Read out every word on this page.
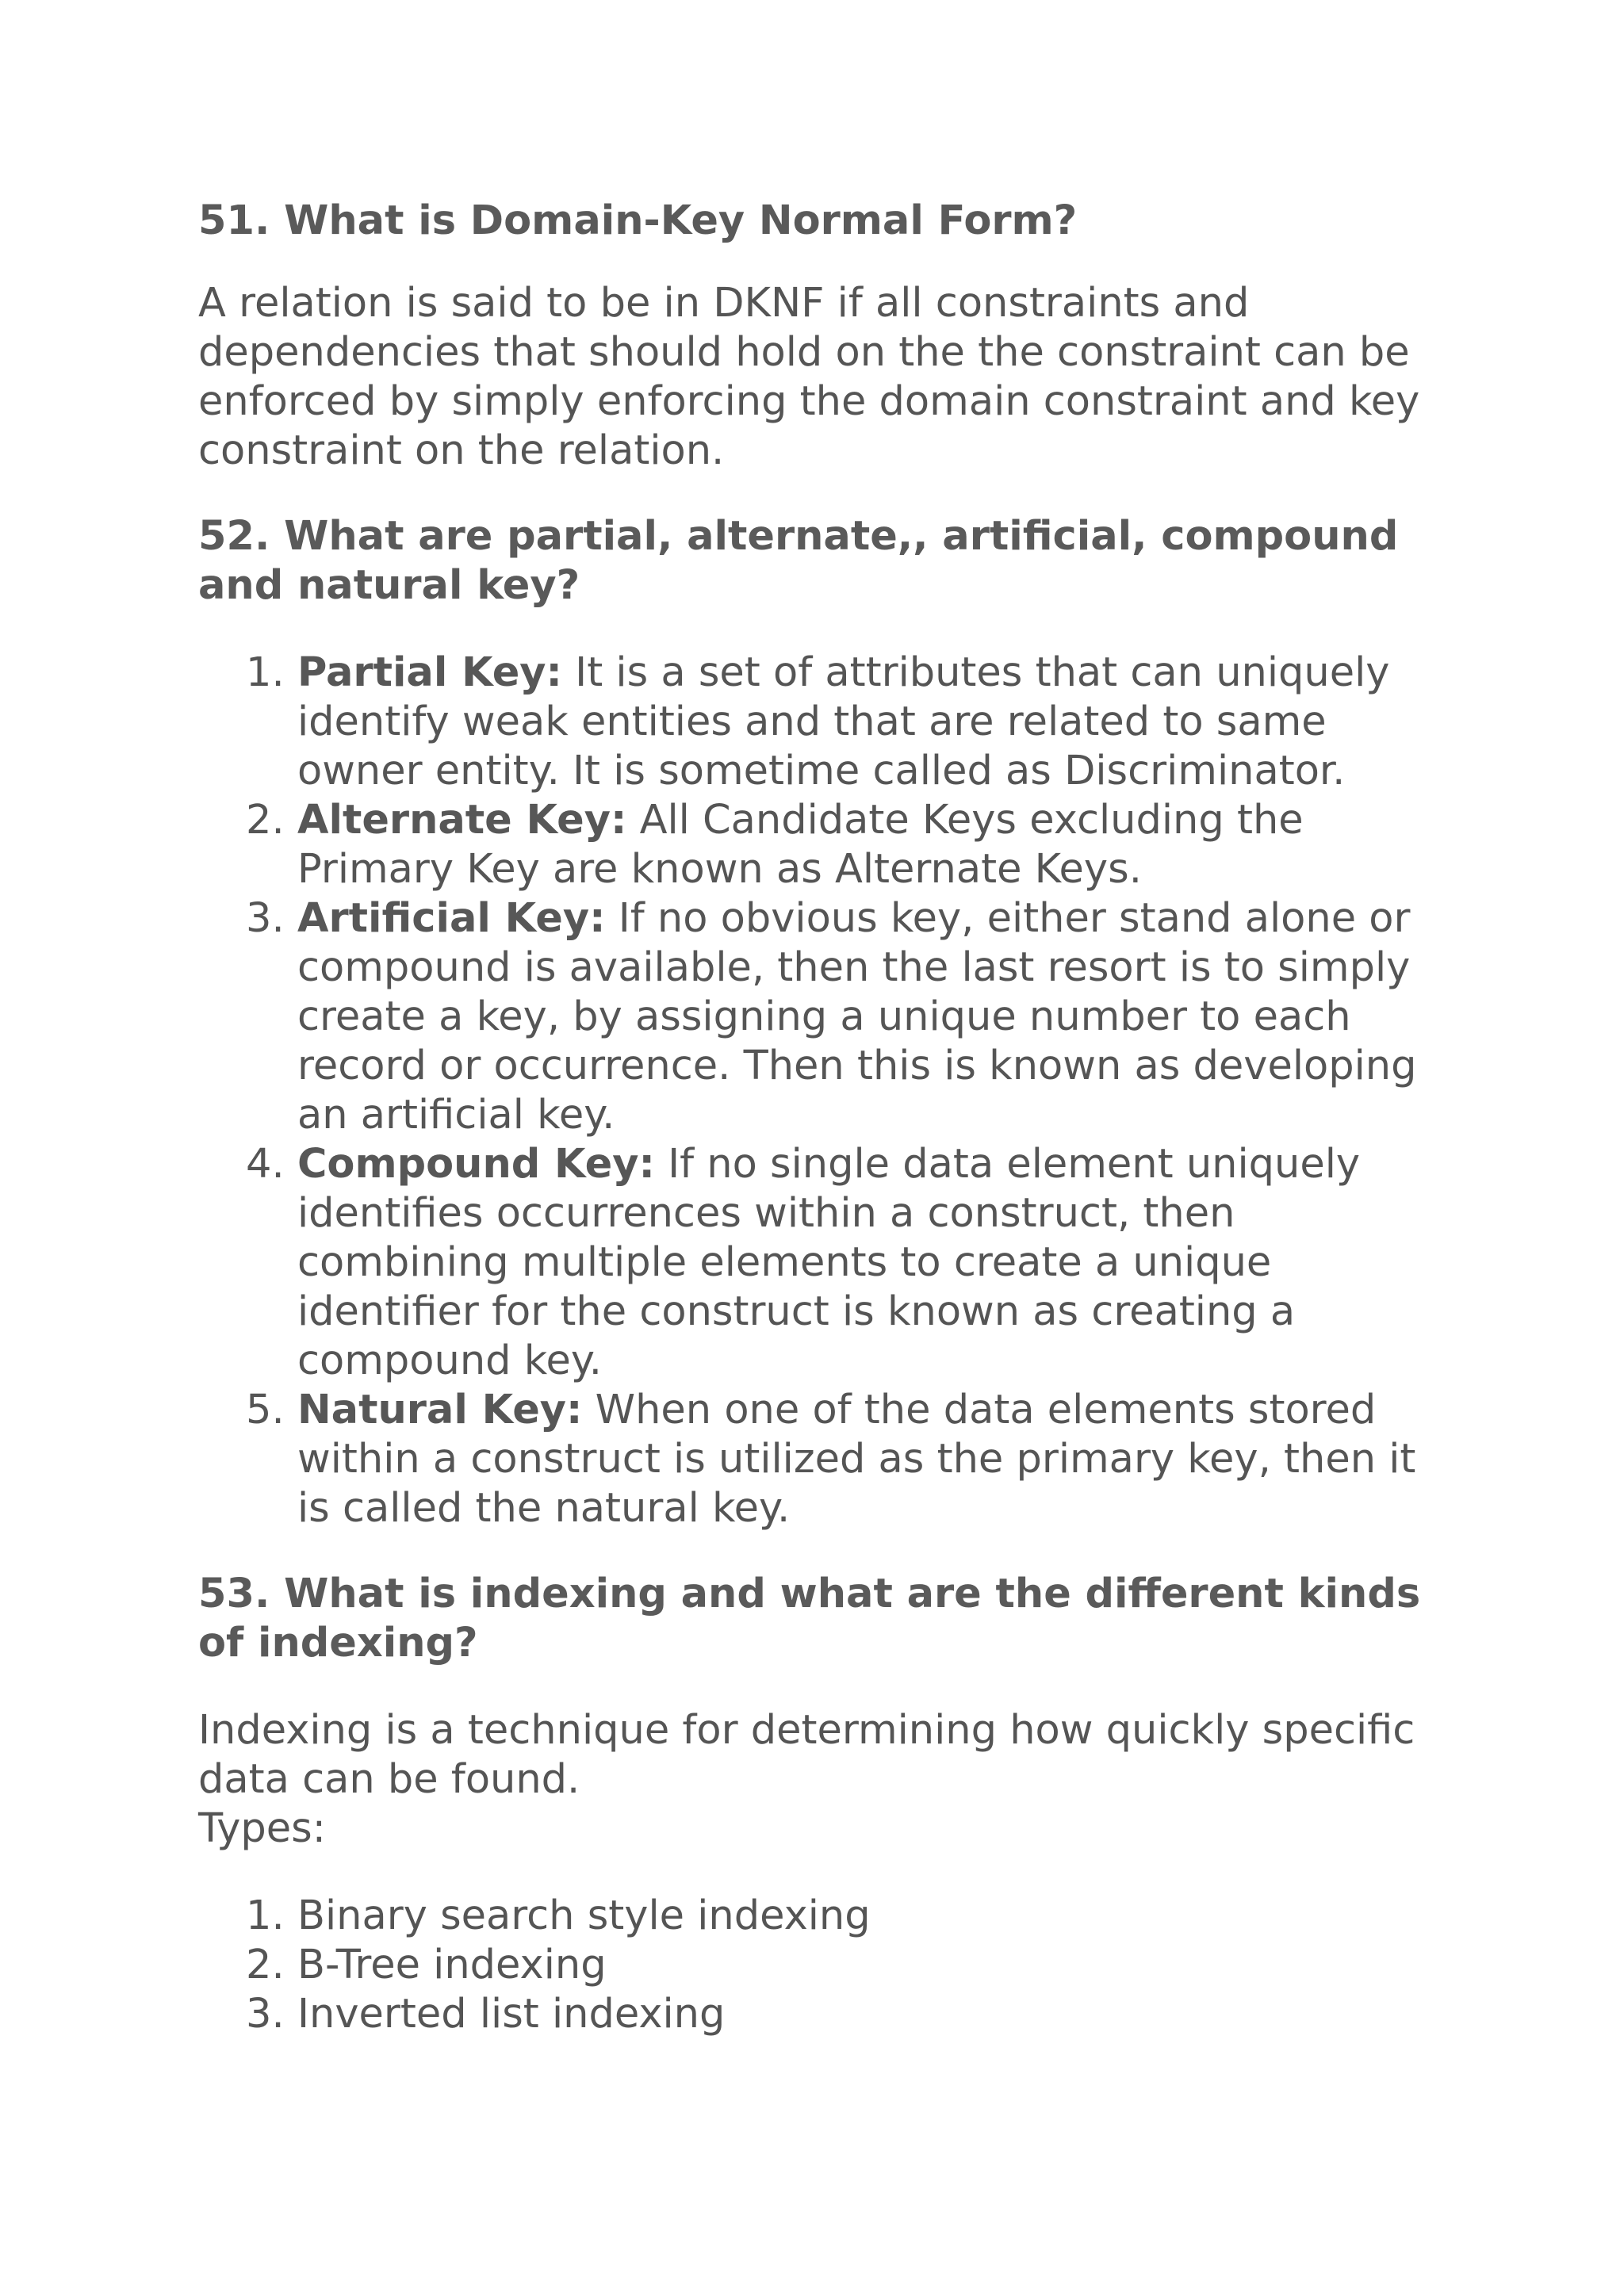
51. What is Domain-Key Normal Form?

A relation is said to be in DKNF if all constraints and dependencies that should hold on the the constraint can be enforced by simply enforcing the domain constraint and key constraint on the relation.

52. What are partial, alternate,, artificial, compound and natural key?
1. Partial Key: It is a set of attributes that can uniquely identify weak entities and that are related to same owner entity. It is sometime called as Discriminator.
2. Alternate Key: All Candidate Keys excluding the Primary Key are known as Alternate Keys.
3. Artificial Key: If no obvious key, either stand alone or compound is available, then the last resort is to simply create a key, by assigning a unique number to each record or occurrence. Then this is known as developing an artificial key.
4. Compound Key: If no single data element uniquely identifies occurrences within a construct, then combining multiple elements to create a unique identifier for the construct is known as creating a compound key.
5. Natural Key: When one of the data elements stored within a construct is utilized as the primary key, then it is called the natural key.
53. What is indexing and what are the different kinds of indexing?

Indexing is a technique for determining how quickly specific data can be found.
Types:

1. Binary search style indexing
2. B-Tree indexing
3. Inverted list indexing
